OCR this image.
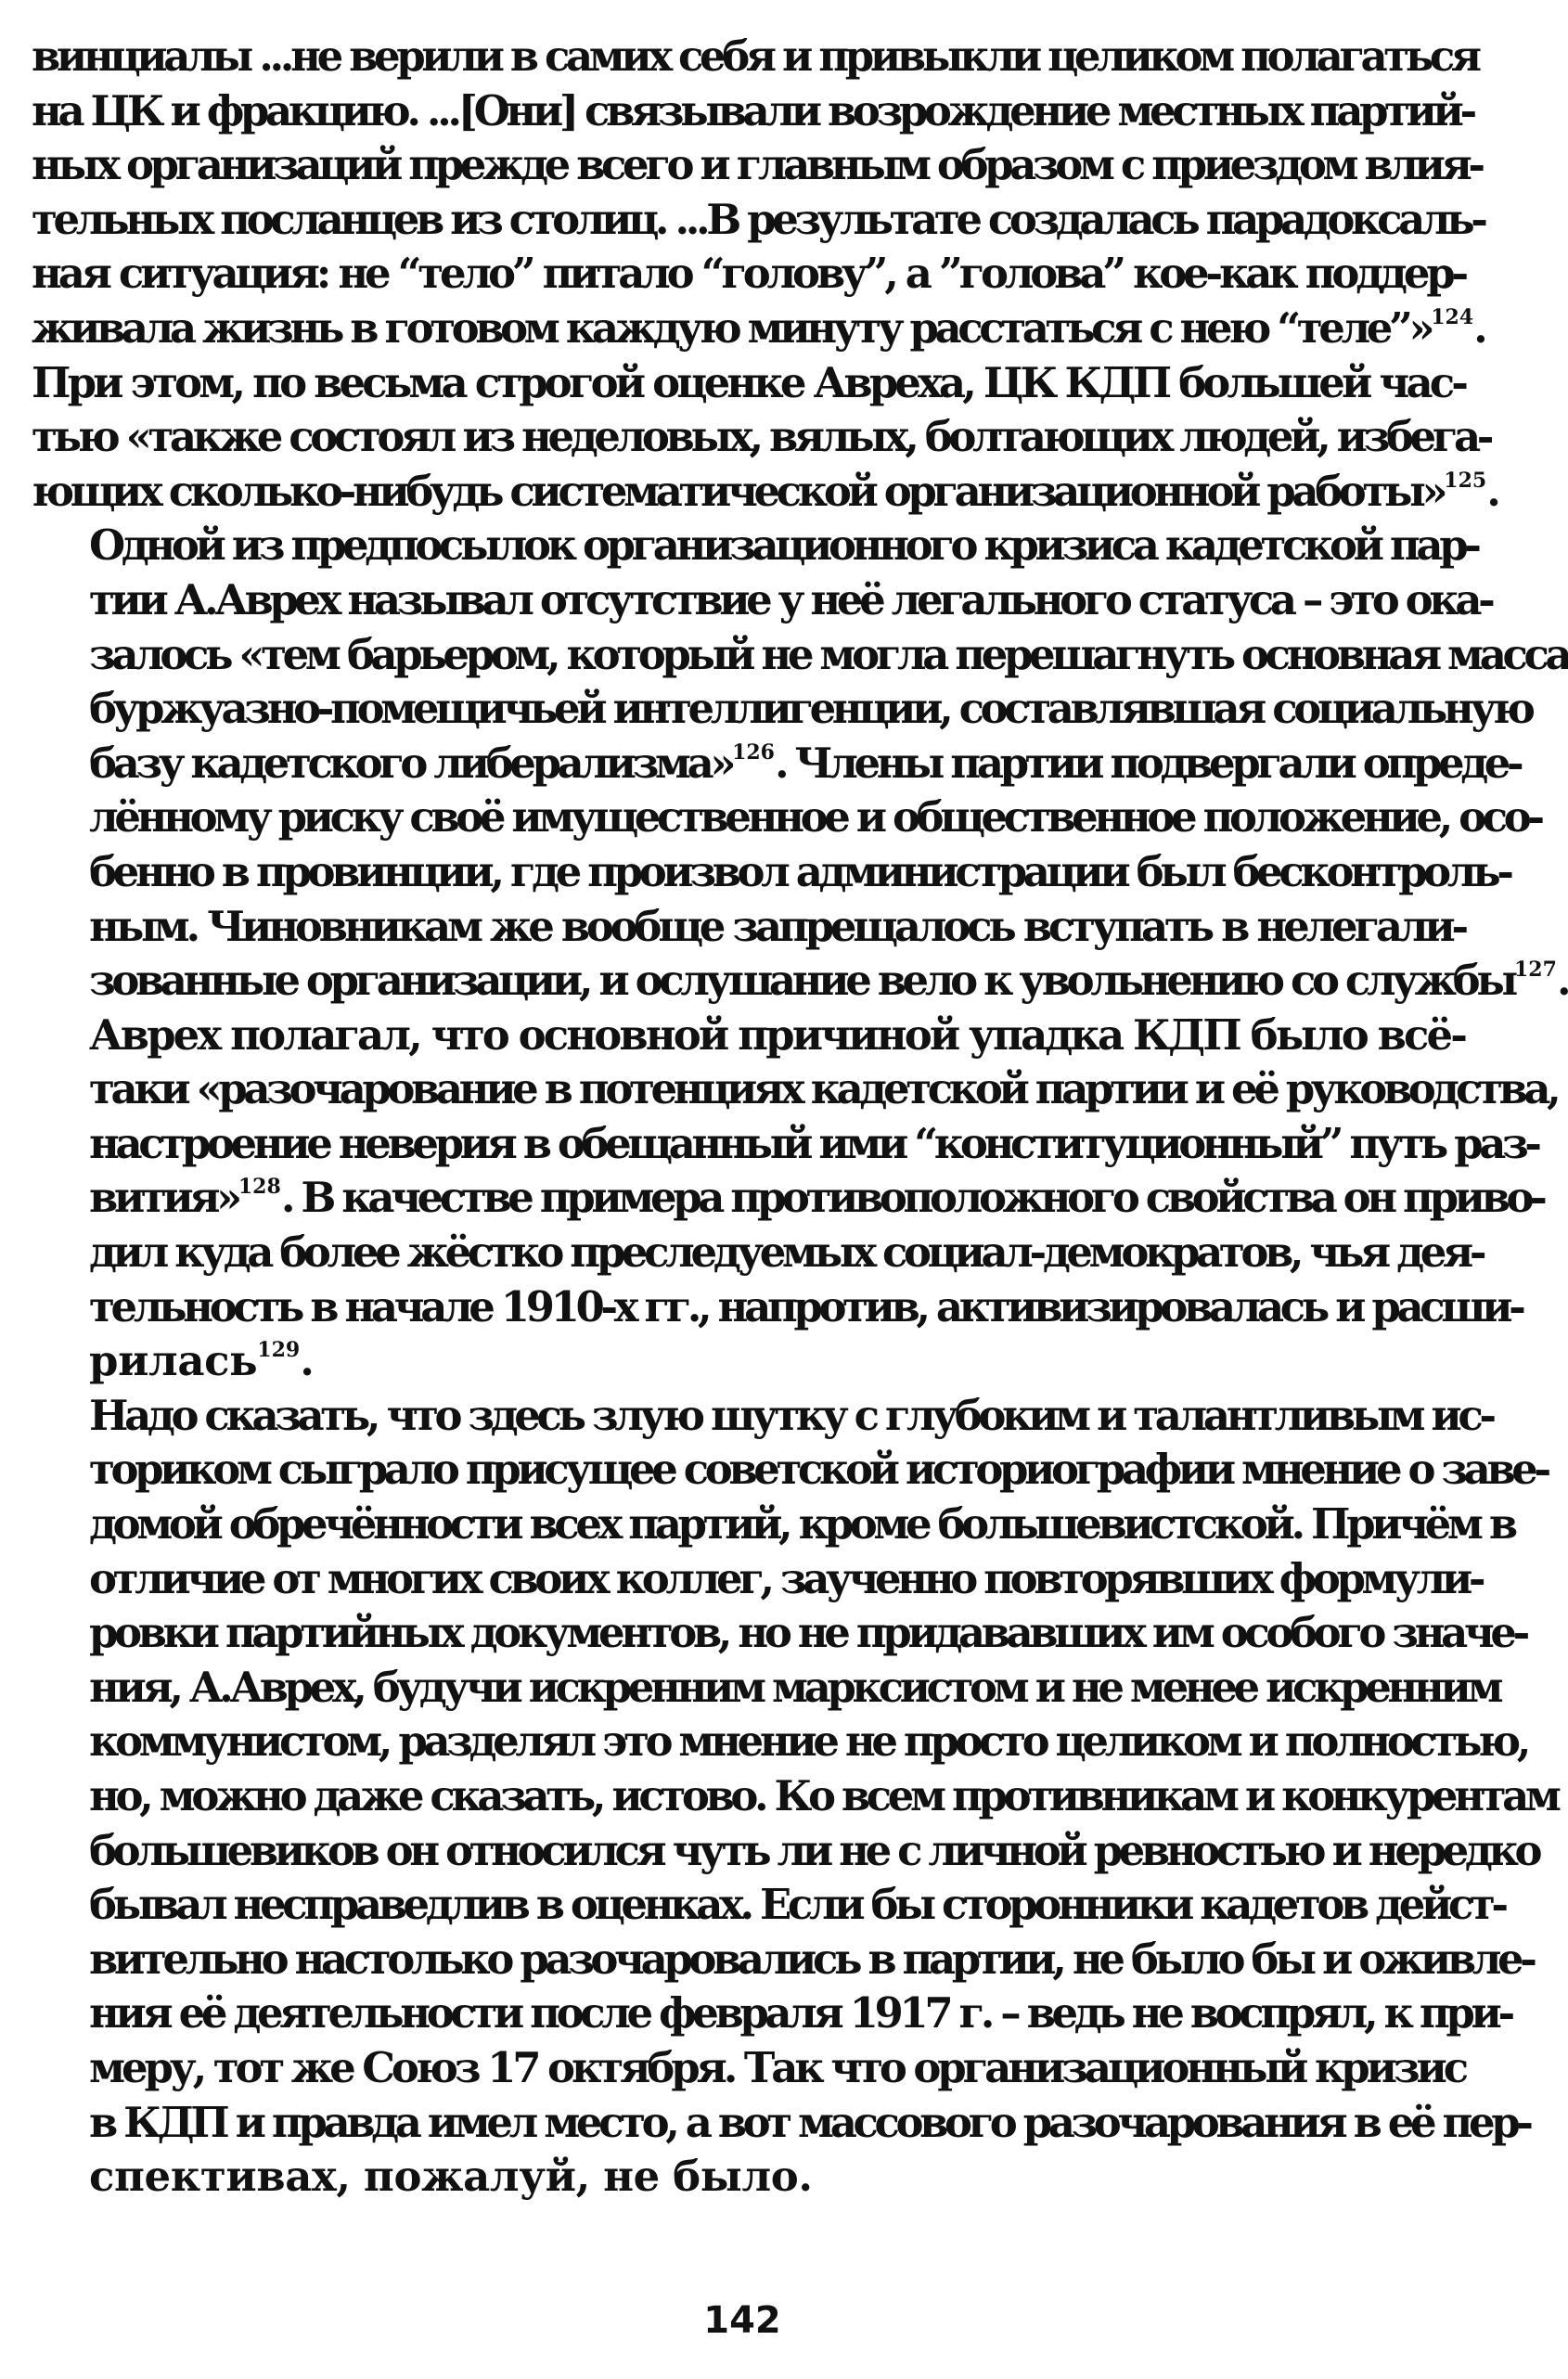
винциалы ...не верили в самих себя и привыкли целиком полагаться
на ЦК и фракцию. ...[Они] связывали возрождение местных партий-
ных организаций прежде всего и главным образом с приездом влия-
тельных посланцев из столиц. ...В результате создалась парадоксаль-
ная ситуация: не “тело” питало “голову”, а ”голова” кое-как поддер-
живала жизнь в готовом каждую минуту расстаться с нею “теле”»$^{124}$.
При этом, по весьма строгой оценке Авреха, ЦК КДП большей час-
тью «также состоял из неделовых, вялых, болтающих людей, избега-
ющих сколько-нибудь систематической организационной работы»$^{125}$.

Одной из предпосылок организационного кризиса кадетской пар-
тии А.Аврех называл отсутствие у неё легального статуса – это ока-
залось «тем барьером, который не могла перешагнуть основная масса
буржуазно-помещичьей интеллигенции, составлявшая социальную
базу кадетского либерализма»$^{126}$. Члены партии подвергали опреде-
лённому риску своё имущественное и общественное положение, осо-
бенно в провинции, где произвол администрации был бесконтроль-
ным. Чиновникам же вообще запрещалось вступать в нелегали-
зованные организации, и ослушание вело к увольнению со службы$^{127}$.

Аврех полагал, что основной причиной упадка КДП было всё-
таки «разочарование в потенциях кадетской партии и её руководства,
настроение неверия в обещанный ими “конституционный” путь раз-
вития»$^{128}$. В качестве примера противоположного свойства он приво-
дил куда более жёстко преследуемых социал-демократов, чья дея-
тельность в начале 1910-х гг., напротив, активизировалась и расши-
рилась$^{129}$.

Надо сказать, что здесь злую шутку с глубоким и талантливым ис-
ториком сыграло присущее советской историографии мнение о заве-
домой обречённости всех партий, кроме большевистской. Причём в
отличие от многих своих коллег, заученно повторявших формули-
ровки партийных документов, но не придававших им особого значе-
ния, А.Аврех, будучи искренним марксистом и не менее искренним
коммунистом, разделял это мнение не просто целиком и полностью,
но, можно даже сказать, истово. Ко всем противникам и конкурентам
большевиков он относился чуть ли не с личной ревностью и нередко
бывал несправедлив в оценках. Если бы сторонники кадетов дейст-
вительно настолько разочаровались в партии, не было бы и оживле-
ния её деятельности после февраля 1917 г. – ведь не воспрял, к при-
меру, тот же Союз 17 октября. Так что организационный кризис
в КДП и правда имел место, а вот массового разочарования в её пер-
спективах, пожалуй, не было.

142
